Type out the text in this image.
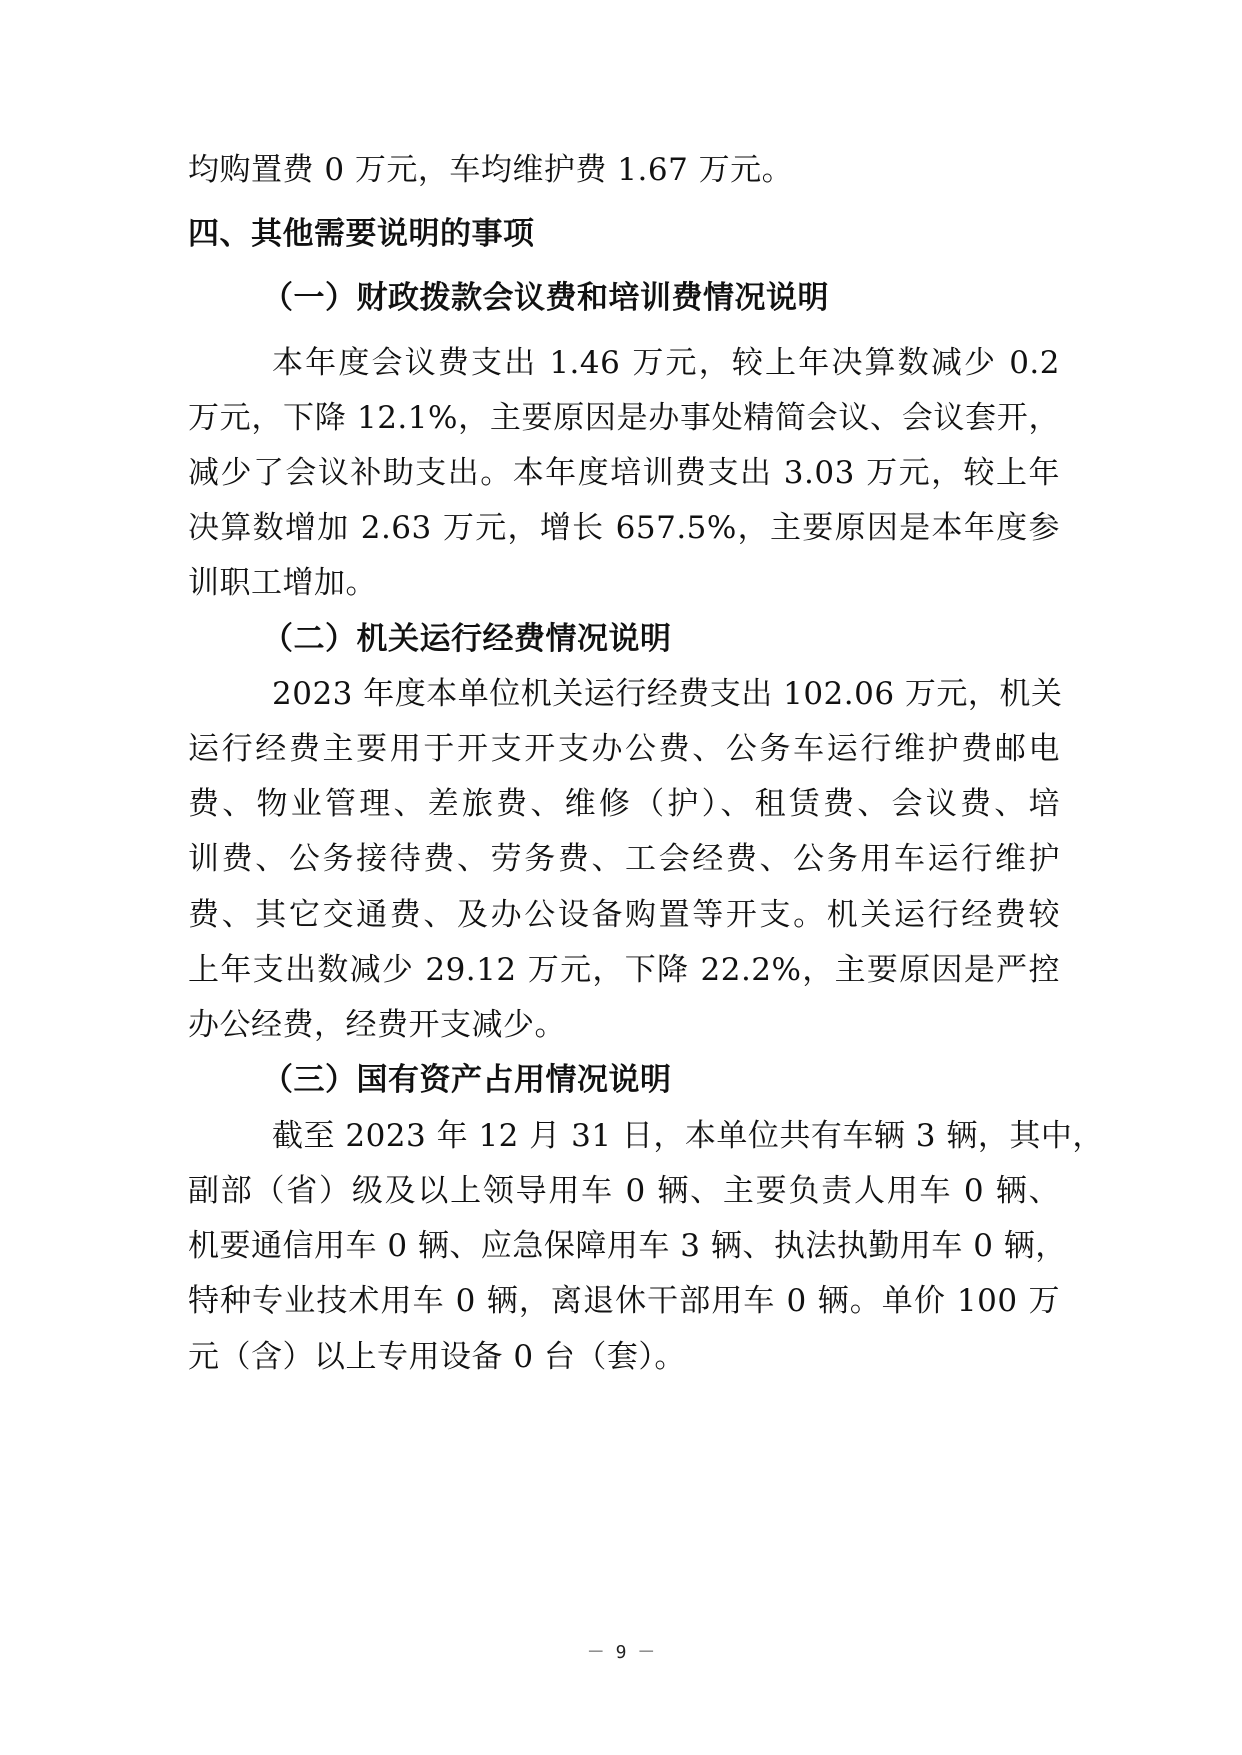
均购置费 0 万元，车均维护费 1.67 万元。
四、其他需要说明的事项
（一）财政拨款会议费和培训费情况说明
本年度会议费支出 1.46 万元，较上年决算数减少 0.2
万元，下降 12.1%，主要原因是办事处精简会议、会议套开，
减少了会议补助支出。本年度培训费支出 3.03 万元，较上年
决算数增加 2.63 万元，增长 657.5%，主要原因是本年度参
训职工增加。
（二）机关运行经费情况说明
2023 年度本单位机关运行经费支出 102.06 万元，机关
运行经费主要用于开支开支办公费、公务车运行维护费邮电
费、物业管理、差旅费、维修（护）、租赁费、会议费、培
训费、公务接待费、劳务费、工会经费、公务用车运行维护
费、其它交通费、及办公设备购置等开支。机关运行经费较
上年支出数减少 29.12 万元，下降 22.2%，主要原因是严控
办公经费，经费开支减少。
（三）国有资产占用情况说明
截至 2023 年 12 月 31 日，本单位共有车辆 3 辆，其中，
副部（省）级及以上领导用车 0 辆、主要负责人用车 0 辆、
机要通信用车 0 辆、应急保障用车 3 辆、执法执勤用车 0 辆，
特种专业技术用车 0 辆，离退休干部用车 0 辆。单价 100 万
元（含）以上专用设备 0 台（套）。
－ 9 －
